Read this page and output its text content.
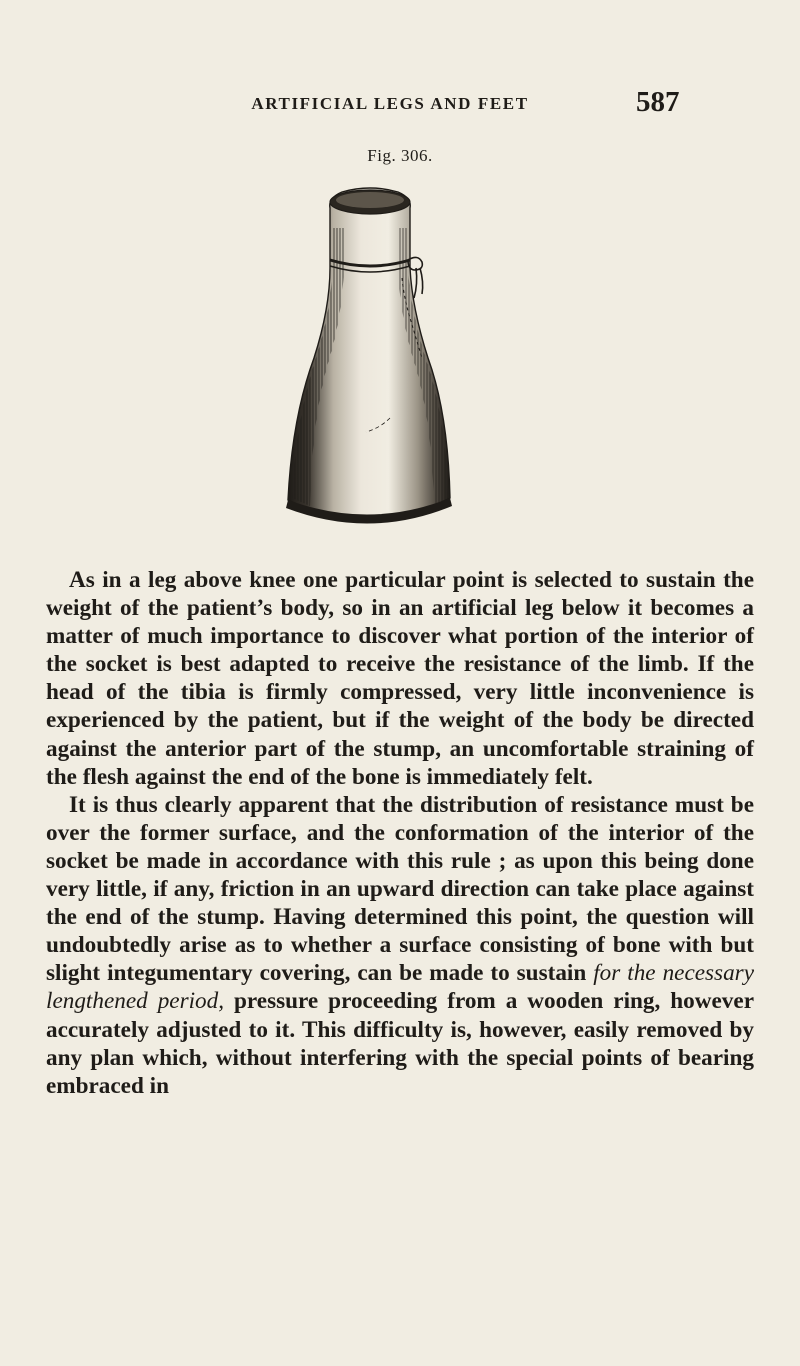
ARTIFICIAL LEGS AND FEET	587
Fig. 306.

As in a leg above knee one particular point is selected to sustain the weight of the patient’s body, so in an artificial leg below it becomes a matter of much importance to discover what portion of the interior of the socket is best adapted to receive the resistance of the limb. If the head of the tibia is firmly compressed, very little inconvenience is experienced by the patient, but if the weight of the body be directed against the anterior part of the stump, an uncomfortable straining of the flesh against the end of the bone is immediately felt.

It is thus clearly apparent that the distribution of resistance must be over the former surface, and the conformation of the interior of the socket be made in accordance with this rule ; as upon this being done very little, if any, friction in an upward direction can take place against the end of the stump. Having determined this point, the question will undoubtedly arise as to whether a surface consisting of bone with but slight integumentary covering, can be made to sustain for the necessary lengthened period, pressure proceeding from a wooden ring, however accurately adjusted to it. This difficulty is, however, easily removed by any plan which, without interfering with the special points of bearing embraced in
